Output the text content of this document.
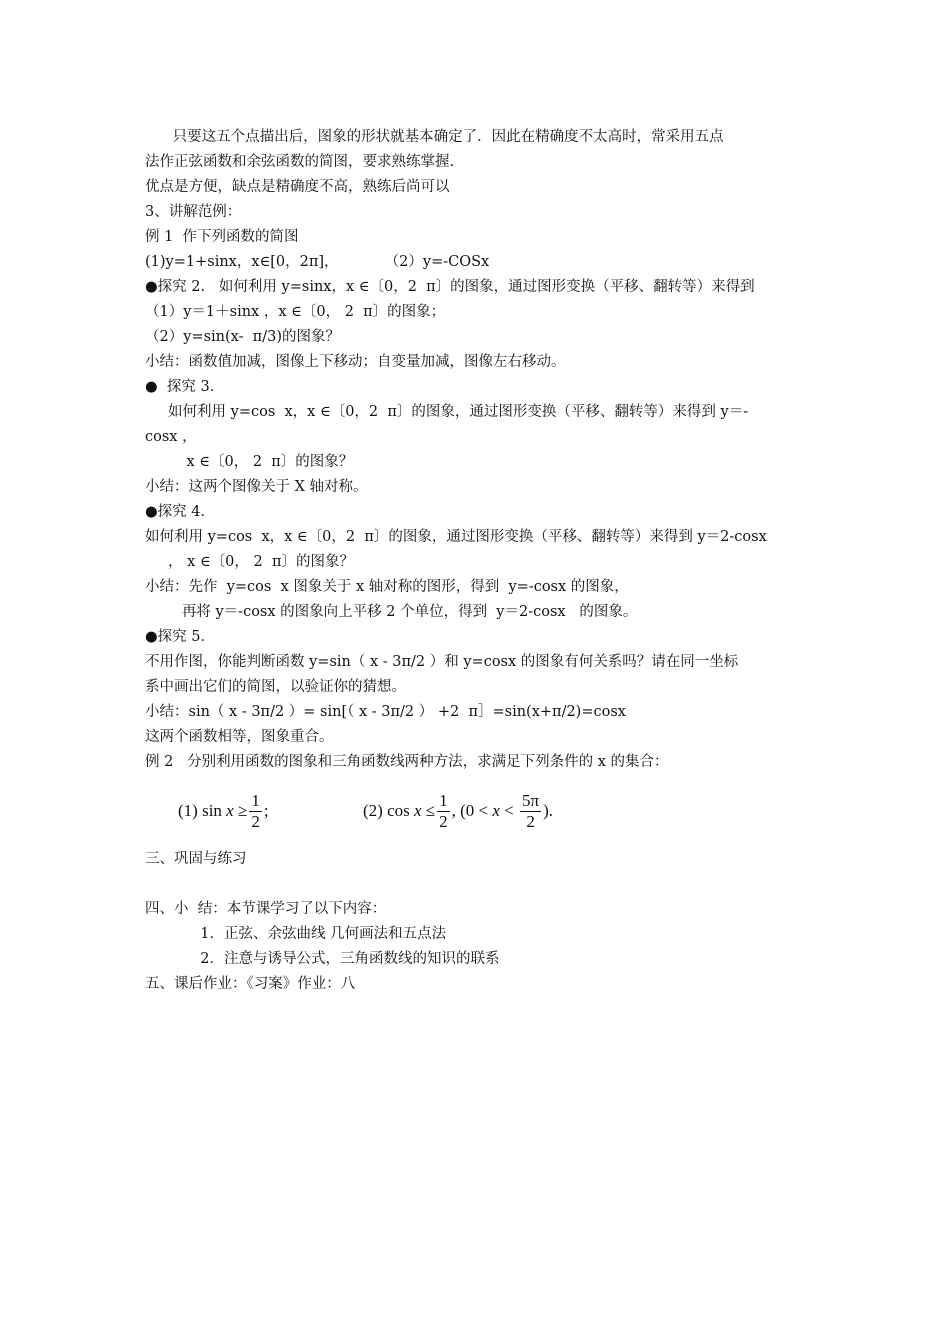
只要这五个点描出后，图象的形状就基本确定了．因此在精确度不太高时，常采用五点
法作正弦函数和余弦函数的简图，要求熟练掌握.
优点是方便，缺点是精确度不高，熟练后尚可以
3、讲解范例：
例 1  作下列函数的简图
(1)y=1+sinx，x∈[0，2π]，          （2）y=-COSx
●探究 2.   如何利用 y=sinx，x ∈〔0，2  π〕的图象，通过图形变换（平移、翻转等）来得到
（1）y＝1＋sinx ，x ∈〔0， 2  π〕的图象；
（2）y=sin(x-  π/3)的图象？
小结：函数值加减，图像上下移动；自变量加减，图像左右移动。
●  探究 3．
如何利用 y=cos  x，x ∈〔0，2  π〕的图象，通过图形变换（平移、翻转等）来得到 y＝-
cosx ，
x ∈〔0， 2  π〕的图象？
小结：这两个图像关于 X 轴对称。
●探究 4．
如何利用 y=cos  x，x ∈〔0，2  π〕的图象，通过图形变换（平移、翻转等）来得到 y＝2-cosx
， x ∈〔0， 2  π〕的图象？
小结：先作  y=cos  x 图象关于 x 轴对称的图形，得到  y=-cosx 的图象，
再将 y＝-cosx 的图象向上平移 2 个单位，得到  y＝2-cosx   的图象。
●探究 5．
不用作图，你能判断函数 y=sin（ x - 3π/2 ）和 y=cosx 的图象有何关系吗？请在同一坐标
系中画出它们的简图，以验证你的猜想。
小结：sin（ x - 3π/2 ）= sin[（ x - 3π/2 ） +2  π］=sin(x+π/2)=cosx
这两个函数相等，图象重合。
例 2   分别利用函数的图象和三角函数线两种方法，求满足下列条件的 x 的集合：
(1) $\sin x \ge \frac{1}{2}$ ;	(2) $\cos x \le \frac{1}{2}$ , ($0 < x < \frac{5\pi}{2}$ ).
三、巩固与练习
四、小  结：本节课学习了以下内容：
1．正弦、余弦曲线 几何画法和五点法
2．注意与诱导公式，三角函数线的知识的联系
五、课后作业：《习案》作业：八
